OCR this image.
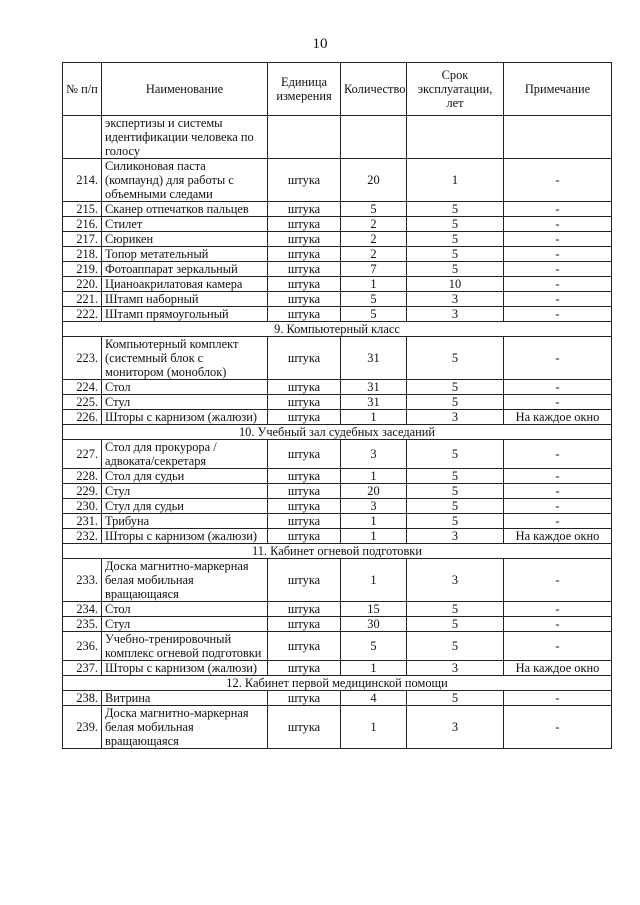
10
№ п/п	Наименование	Единица измерения	Количество	Срок эксплуатации, лет	Примечание
	экспертизы и системы идентификации человека по голосу				
214.	Силиконовая паста (компаунд) для работы с объемными следами	штука	20	1	-
215.	Сканер отпечатков пальцев	штука	5	5	-
216.	Стилет	штука	2	5	-
217.	Сюрикен	штука	2	5	-
218.	Топор метательный	штука	2	5	-
219.	Фотоаппарат зеркальный	штука	7	5	-
220.	Цианоакрилатовая камера	штука	1	10	-
221.	Штамп наборный	штука	5	3	-
222.	Штамп прямоугольный	штука	5	3	-
9. Компьютерный класс					
223.	Компьютерный комплект (системный блок с монитором (моноблок)	штука	31	5	-
224.	Стол	штука	31	5	-
225.	Стул	штука	31	5	-
226.	Шторы с карнизом (жалюзи)	штука	1	3	На каждое окно
10. Учебный зал судебных заседаний					
227.	Стол для прокурора /адвоката/секретаря	штука	3	5	-
228.	Стол для судьи	штука	1	5	-
229.	Стул	штука	20	5	-
230.	Стул для судьи	штука	3	5	-
231.	Трибуна	штука	1	5	-
232.	Шторы с карнизом (жалюзи)	штука	1	3	На каждое окно
11. Кабинет огневой подготовки					
233.	Доска магнитно-маркерная белая мобильная вращающаяся	штука	1	3	-
234.	Стол	штука	15	5	-
235.	Стул	штука	30	5	-
236.	Учебно-тренировочный комплекс огневой подготовки	штука	5	5	-
237.	Шторы с карнизом (жалюзи)	штука	1	3	На каждое окно
12. Кабинет первой медицинской помощи					
238.	Витрина	штука	4	5	-
239.	Доска магнитно-маркерная белая мобильная вращающаяся	штука	1	3	-
